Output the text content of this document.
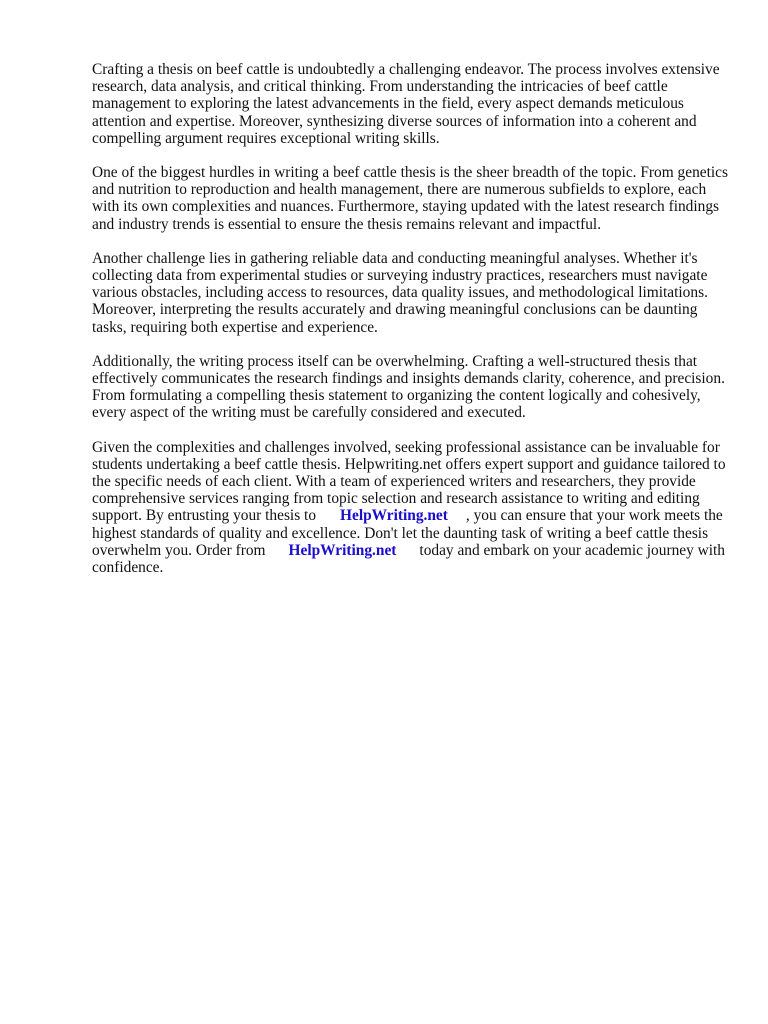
Crafting a thesis on beef cattle is undoubtedly a challenging endeavor. The process involves extensive research, data analysis, and critical thinking. From understanding the intricacies of beef cattle management to exploring the latest advancements in the field, every aspect demands meticulous attention and expertise. Moreover, synthesizing diverse sources of information into a coherent and compelling argument requires exceptional writing skills.

One of the biggest hurdles in writing a beef cattle thesis is the sheer breadth of the topic. From genetics and nutrition to reproduction and health management, there are numerous subfields to explore, each with its own complexities and nuances. Furthermore, staying updated with the latest research findings and industry trends is essential to ensure the thesis remains relevant and impactful.

Another challenge lies in gathering reliable data and conducting meaningful analyses. Whether it's collecting data from experimental studies or surveying industry practices, researchers must navigate various obstacles, including access to resources, data quality issues, and methodological limitations. Moreover, interpreting the results accurately and drawing meaningful conclusions can be daunting tasks, requiring both expertise and experience.

Additionally, the writing process itself can be overwhelming. Crafting a well-structured thesis that effectively communicates the research findings and insights demands clarity, coherence, and precision. From formulating a compelling thesis statement to organizing the content logically and cohesively, every aspect of the writing must be carefully considered and executed.

Given the complexities and challenges involved, seeking professional assistance can be invaluable for students undertaking a beef cattle thesis. Helpwriting.net offers expert support and guidance tailored to the specific needs of each client. With a team of experienced writers and researchers, they provide comprehensive services ranging from topic selection and research assistance to writing and editing support. By entrusting your thesis to HelpWriting.net , you can ensure that your work meets the highest standards of quality and excellence. Don't let the daunting task of writing a beef cattle thesis overwhelm you. Order from HelpWriting.net today and embark on your academic journey with confidence.
